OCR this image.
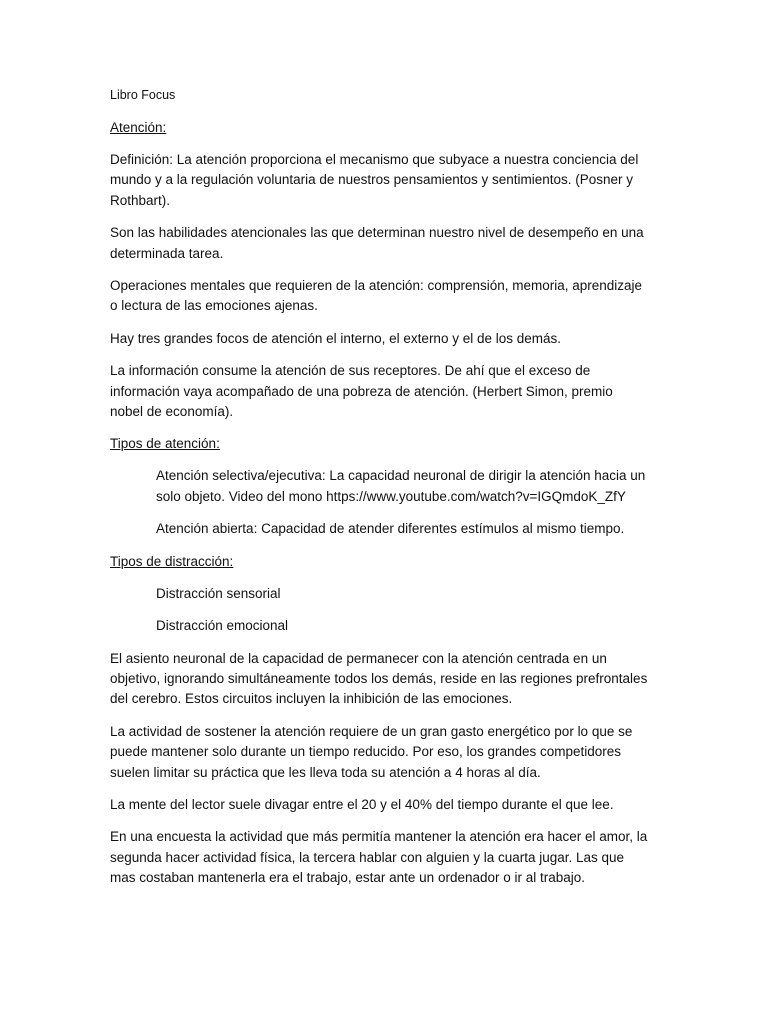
Libro Focus
Atención:

Definición: La atención proporciona el mecanismo que subyace a nuestra conciencia del mundo y a la regulación voluntaria de nuestros pensamientos y sentimientos. (Posner y Rothbart).

Son las habilidades atencionales las que determinan nuestro nivel de desempeño en una determinada tarea.

Operaciones mentales que requieren de la atención: comprensión, memoria, aprendizaje o lectura de las emociones ajenas.

Hay tres grandes focos de atención el interno, el externo y el de los demás.

La información consume la atención de sus receptores. De ahí que el exceso de información vaya acompañado de una pobreza de atención. (Herbert Simon, premio nobel de economía).

Tipos de atención:

Atención selectiva/ejecutiva: La capacidad neuronal de dirigir la atención hacia un solo objeto. Video del mono https://www.youtube.com/watch?v=IGQmdoK_ZfY

Atención abierta: Capacidad de atender diferentes estímulos al mismo tiempo.

Tipos de distracción:

Distracción sensorial

Distracción emocional

El asiento neuronal de la capacidad de permanecer con la atención centrada en un objetivo, ignorando simultáneamente todos los demás, reside en las regiones prefrontales del cerebro. Estos circuitos incluyen la inhibición de las emociones.

La actividad de sostener la atención requiere de un gran gasto energético por lo que se puede mantener solo durante un tiempo reducido. Por eso, los grandes competidores suelen limitar su práctica que les lleva toda su atención a 4 horas al día.

La mente del lector suele divagar entre el 20 y el 40% del tiempo durante el que lee.

En una encuesta la actividad que más permitía mantener la atención era hacer el amor, la segunda hacer actividad física, la tercera hablar con alguien y la cuarta jugar. Las que mas costaban mantenerla era el trabajo, estar ante un ordenador o ir al trabajo.
